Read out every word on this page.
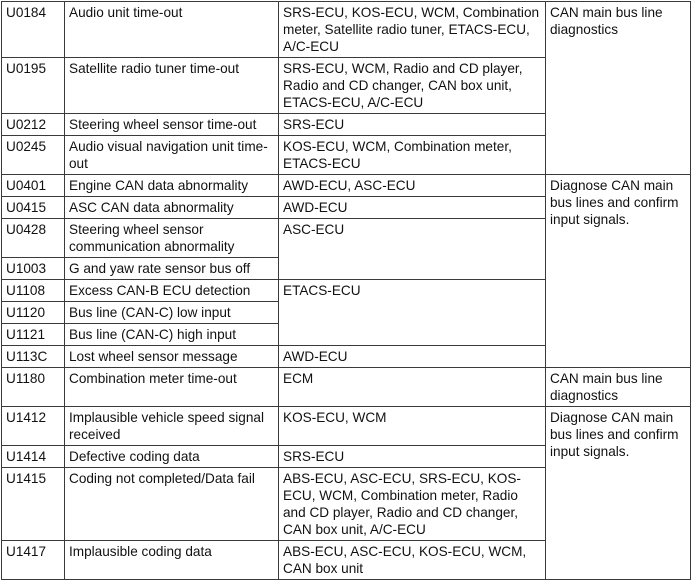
U0184	Audio unit time-out	SRS-ECU, KOS-ECU, WCM, Combination meter, Satellite radio tuner, ETACS-ECU, A/C-ECU	CAN main bus line diagnostics
U0195	Satellite radio tuner time-out	SRS-ECU, WCM, Radio and CD player, Radio and CD changer, CAN box unit, ETACS-ECU, A/C-ECU	
U0212	Steering wheel sensor time-out	SRS-ECU	
U0245	Audio visual navigation unit time-out	KOS-ECU, WCM, Combination meter, ETACS-ECU	
U0401	Engine CAN data abnormality	AWD-ECU, ASC-ECU	Diagnose CAN main bus lines and confirm input signals.
U0415	ASC CAN data abnormality	AWD-ECU	
U0428	Steering wheel sensor communication abnormality	ASC-ECU	
U1003	G and yaw rate sensor bus off		
U1108	Excess CAN-B ECU detection	ETACS-ECU	
U1120	Bus line (CAN-C) low input		
U1121	Bus line (CAN-C) high input		
U113C	Lost wheel sensor message	AWD-ECU	
U1180	Combination meter time-out	ECM	CAN main bus line diagnostics
U1412	Implausible vehicle speed signal received	KOS-ECU, WCM	Diagnose CAN main bus lines and confirm input signals.
U1414	Defective coding data	SRS-ECU	
U1415	Coding not completed/Data fail	ABS-ECU, ASC-ECU, SRS-ECU, KOS-ECU, WCM, Combination meter, Radio and CD player, Radio and CD changer, CAN box unit, A/C-ECU	
U1417	Implausible coding data	ABS-ECU, ASC-ECU, KOS-ECU, WCM, CAN box unit	
